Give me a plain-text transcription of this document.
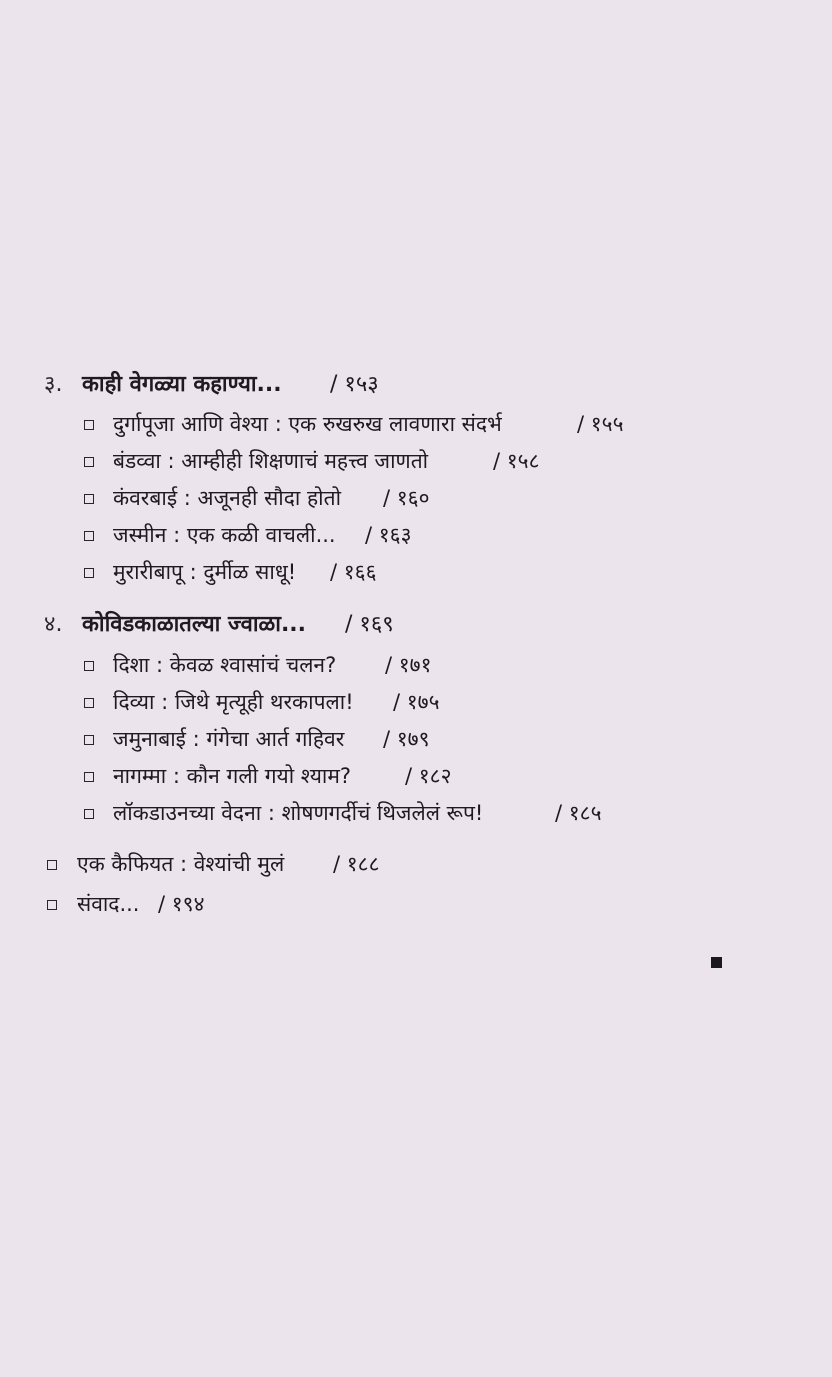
३. काही वेगळ्या कहाण्या... / १५३
दुर्गापूजा आणि वेश्या : एक रुखरुख लावणारा संदर्भ	/ १५५
बंडव्वा : आम्हीही शिक्षणाचं महत्त्व जाणतो	/ १५८
कंवरबाई : अजूनही सौदा होतो / १६०
जस्मीन : एक कळी वाचली... / १६३
मुरारीबापू : दुर्मीळ साधू! / १६६
४. कोविडकाळातल्या ज्वाळा... / १६९
दिशा : केवळ श्वासांचं चलन? / १७१
दिव्या : जिथे मृत्यूही थरकापला! / १७५
जमुनाबाई : गंगेचा आर्त गहिवर / १७९
नागम्मा : कौन गली गयो श्याम?	/ १८२
लॉकडाउनच्या वेदना : शोषणगर्दीचं थिजलेलं रूप!	/ १८५
एक कैफियत : वेश्यांची मुलं / १८८
संवाद... / १९४
